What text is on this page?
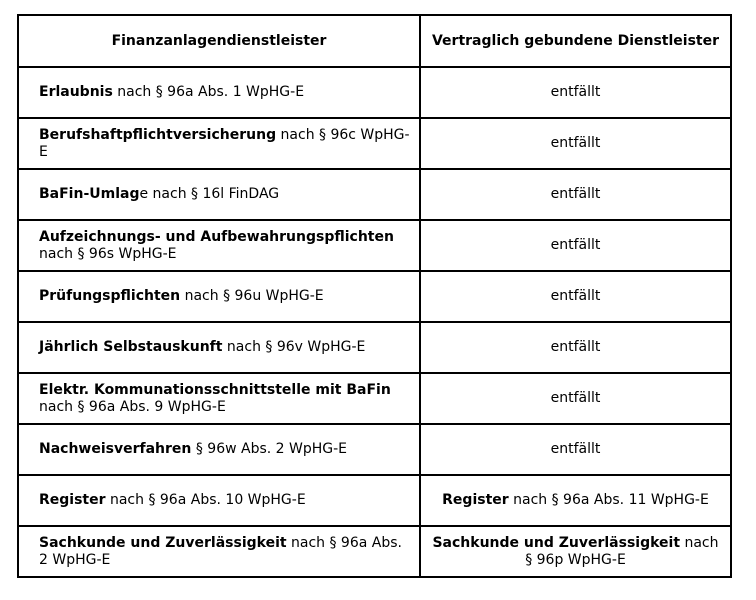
Finanzanlagendienstleister	Vertraglich gebundene Dienstleister
Erlaubnis nach § 96a Abs. 1 WpHG-E	entfällt
Berufshaftpflichtversicherung nach § 96c WpHG-E	entfällt
BaFin-Umlage nach § 16l FinDAG	entfällt
Aufzeichnungs- und Aufbewahrungspflichten nach § 96s WpHG-E	entfällt
Prüfungspflichten nach § 96u WpHG-E	entfällt
Jährlich Selbstauskunft nach § 96v WpHG-E	entfällt
Elektr. Kommunationsschnittstelle mit BaFin nach § 96a Abs. 9 WpHG-E	entfällt
Nachweisverfahren § 96w Abs. 2 WpHG-E	entfällt
Register nach § 96a Abs. 10 WpHG-E	Register nach § 96a Abs. 11 WpHG-E
Sachkunde und Zuverlässigkeit nach § 96a Abs. 2 WpHG-E	Sachkunde und Zuverlässigkeit nach § 96p WpHG-E
